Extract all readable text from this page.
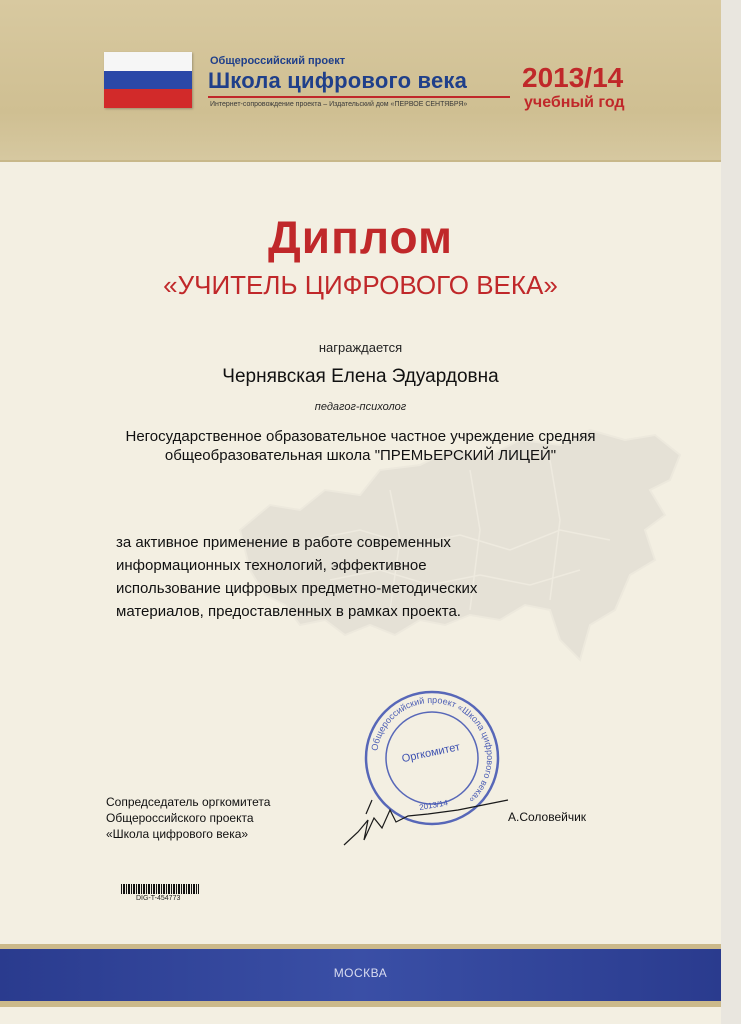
Общероссийский проект
Школа цифрового века
Интернет-сопровождение проекта – Издательский дом «ПЕРВОЕ СЕНТЯБРЯ»
2013/14
учебный год
Диплом
«УЧИТЕЛЬ ЦИФРОВОГО ВЕКА»
награждается
Чернявская Елена Эдуардовна
педагог-психолог
Негосударственное образовательное частное учреждение средняя
общеобразовательная школа "ПРЕМЬЕРСКИЙ ЛИЦЕЙ"
за активное применение в работе современных
информационных технологий, эффективное
использование цифровых предметно-методических
материалов, предоставленных в рамках проекта.
Общероссийский проект «Школа цифрового века»
Оргкомитет
2013/14
Сопредседатель оргкомитета
Общероссийского проекта
«Школа цифрового века»
А.Соловейчик
DIG-T-454773
МОСКВА
